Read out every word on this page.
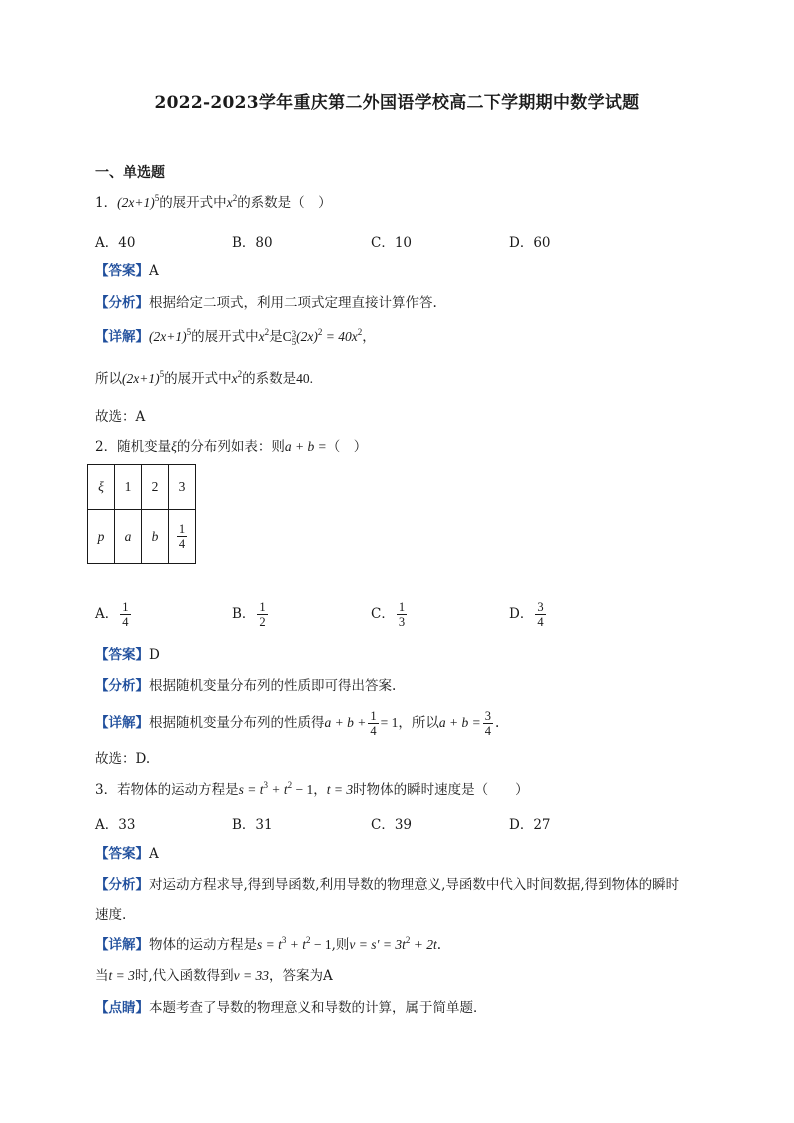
2022-2023学年重庆第二外国语学校高二下学期期中数学试题
一、单选题
1．$(2x+1)^5$的展开式中$x^2$的系数是（　）
A．40	B．80	C．10	D．60
【答案】A
【分析】根据给定二项式，利用二项式定理直接计算作答.
【详解】$(2x+1)^5$的展开式中$x^2$是C 3
5 $(2x)^2 = 40x^2$，
所以$(2x+1)^5$的展开式中$x^2$的系数是40.
故选：A
2．随机变量ξ的分布列如表：则a + b =（　）
ξ	1	2	3
p	a	b	$\frac{1}{4}$
A． $\frac{1}{4}$	B． $\frac{1}{2}$	C． $\frac{1}{3}$	D． $\frac{3}{4}$
【答案】D
【分析】根据随机变量分布列的性质即可得出答案.
【详解】根据随机变量分布列的性质得$a + b + \frac{1}{4} = 1$，所以$a + b = \frac{3}{4}$ .
故选：D.
3．若物体的运动方程是$s = t^3 + t^2 - 1$，t = 3时物体的瞬时速度是（　　）
A．33	B．31	C．39	D．27
【答案】A
【分析】对运动方程求导,得到导函数,利用导数的物理意义,导函数中代入时间数据,得到物体的瞬时
速度.
【详解】物体的运动方程是$s = t^3 + t^2 - 1$,则$v = s' = 3t^2 + 2t$.
当t = 3时,代入函数得到v = 33，答案为A
【点睛】本题考查了导数的物理意义和导数的计算，属于简单题．
